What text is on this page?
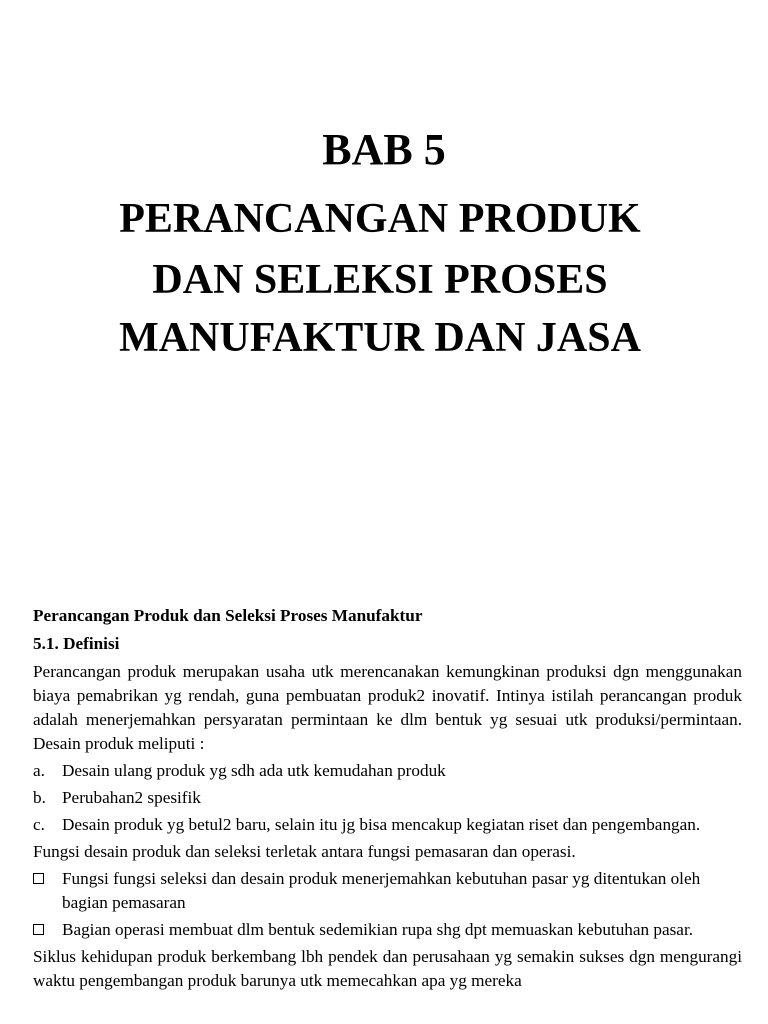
BAB 5
PERANCANGAN PRODUK
DAN SELEKSI PROSES
MANUFAKTUR DAN JASA
Perancangan Produk dan Seleksi Proses Manufaktur
5.1. Definisi
Perancangan produk merupakan usaha utk merencanakan kemungkinan produksi dgn menggunakan biaya pemabrikan yg rendah, guna pembuatan produk2 inovatif. Intinya istilah perancangan produk adalah menerjemahkan persyaratan permintaan ke dlm bentuk yg sesuai utk produksi/permintaan. Desain produk meliputi :
a. Desain ulang produk yg sdh ada utk kemudahan produk
b. Perubahan2 spesifik
c. Desain produk yg betul2 baru, selain itu jg bisa mencakup kegiatan riset dan pengembangan.
Fungsi desain produk dan seleksi terletak antara fungsi pemasaran dan operasi.
Fungsi fungsi seleksi dan desain produk menerjemahkan kebutuhan pasar yg ditentukan oleh bagian pemasaran
Bagian operasi membuat dlm bentuk sedemikian rupa shg dpt memuaskan kebutuhan pasar.
Siklus kehidupan produk berkembang lbh pendek dan perusahaan yg semakin sukses dgn mengurangi waktu pengembangan produk barunya utk memecahkan apa yg mereka
